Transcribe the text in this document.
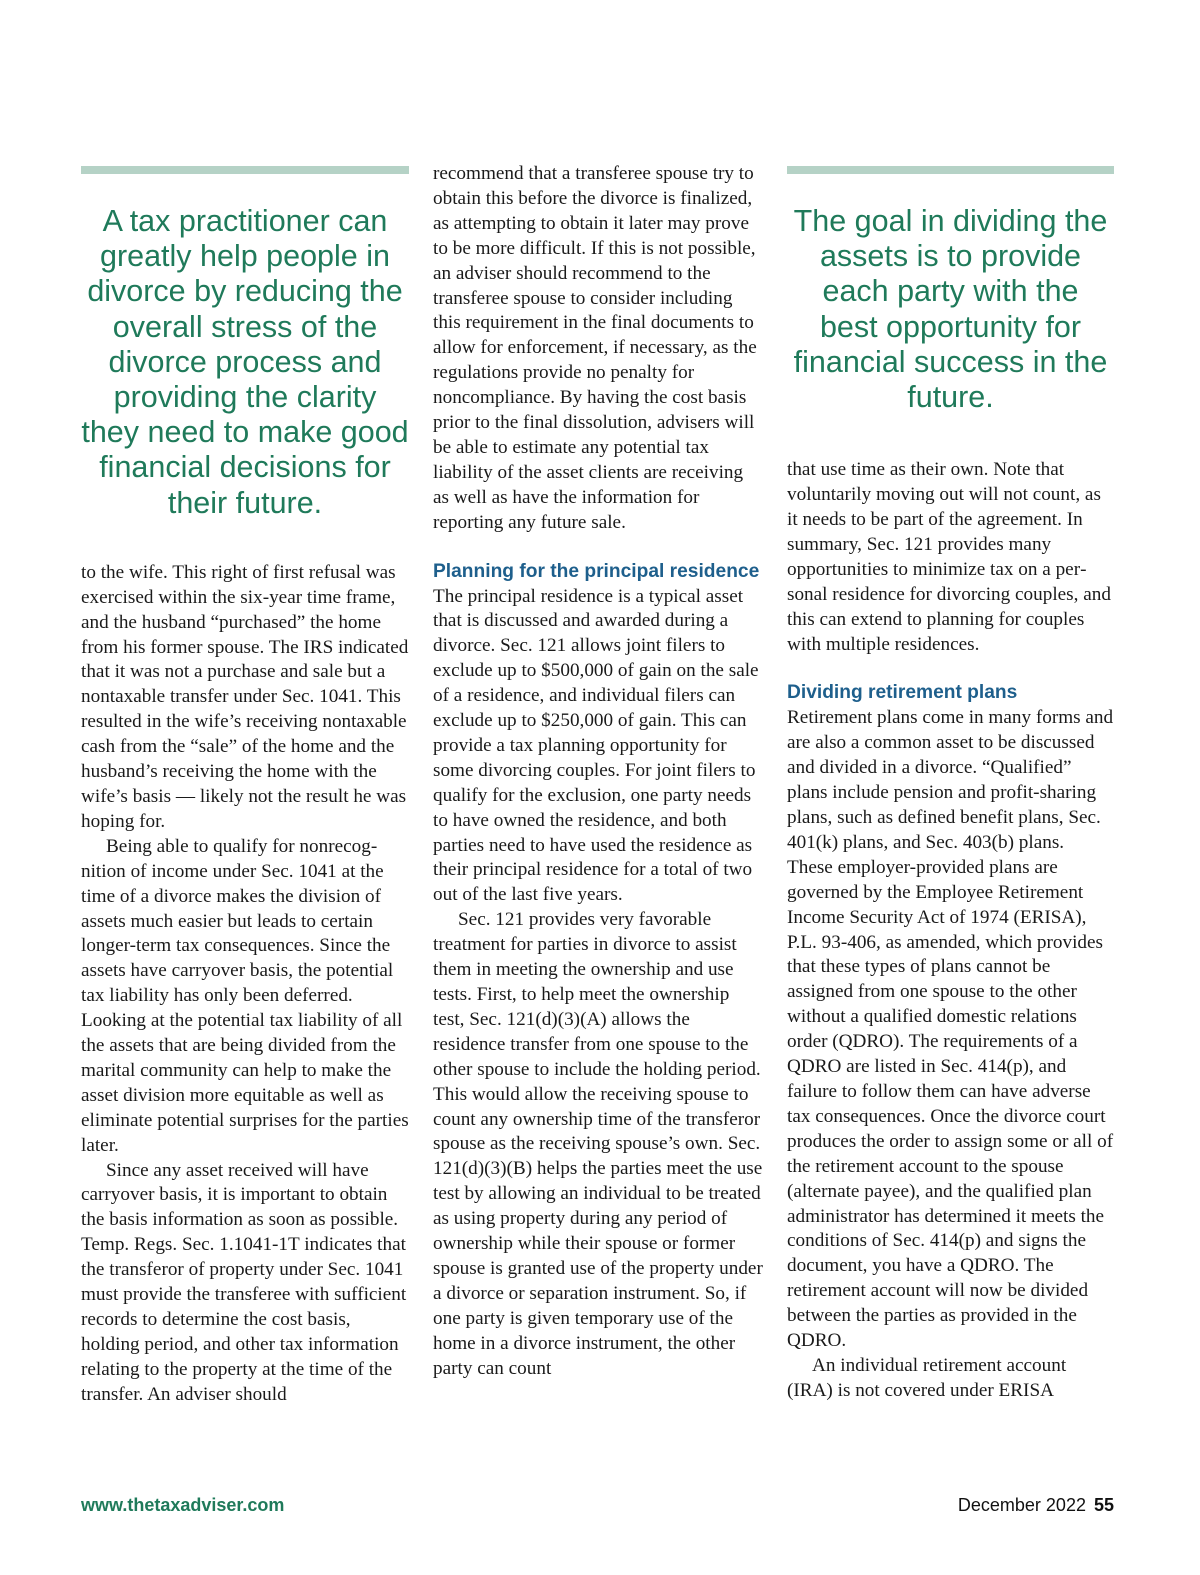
A tax practitioner can greatly help people in divorce by reducing the overall stress of the divorce process and providing the clarity they need to make good financial decisions for their future.

to the wife. This right of first refusal was exercised within the six-year time frame, and the husband “purchased” the home from his former spouse. The IRS indicated that it was not a purchase and sale but a nontaxable transfer under Sec. 1041. This resulted in the wife’s receiving nontaxable cash from the “sale” of the home and the husband’s receiving the home with the wife’s basis — likely not the result he was hoping for.

Being able to qualify for nonrecognition of income under Sec. 1041 at the time of a divorce makes the division of assets much easier but leads to certain longer-term tax consequences. Since the assets have carryover basis, the potential tax liability has only been deferred. Looking at the potential tax liability of all the assets that are being divided from the marital community can help to make the asset division more equitable as well as eliminate potential surprises for the parties later.

Since any asset received will have carryover basis, it is important to obtain the basis information as soon as possible. Temp. Regs. Sec. 1.1041-1T indicates that the transferor of property under Sec. 1041 must provide the transferee with sufficient records to determine the cost basis, holding period, and other tax information relating to the property at the time of the transfer. An adviser should

recommend that a transferee spouse try to obtain this before the divorce is finalized, as attempting to obtain it later may prove to be more difficult. If this is not possible, an adviser should recommend to the transferee spouse to consider including this requirement in the final documents to allow for enforcement, if necessary, as the regulations provide no penalty for noncompliance. By having the cost basis prior to the final dissolution, advisers will be able to estimate any potential tax liability of the asset clients are receiving as well as have the information for reporting any future sale.

Planning for the principal residence

The principal residence is a typical asset that is discussed and awarded during a divorce. Sec. 121 allows joint filers to exclude up to $500,000 of gain on the sale of a residence, and individual filers can exclude up to $250,000 of gain. This can provide a tax planning opportunity for some divorcing couples. For joint filers to qualify for the exclusion, one party needs to have owned the residence, and both parties need to have used the residence as their principal residence for a total of two out of the last five years.

Sec. 121 provides very favorable treatment for parties in divorce to assist them in meeting the ownership and use tests. First, to help meet the ownership test, Sec. 121(d)(3)(A) allows the residence transfer from one spouse to the other spouse to include the holding period. This would allow the receiving spouse to count any ownership time of the transferor spouse as the receiving spouse’s own. Sec. 121(d)(3)(B) helps the parties meet the use test by allowing an individual to be treated as using property during any period of ownership while their spouse or former spouse is granted use of the property under a divorce or separation instrument. So, if one party is given temporary use of the home in a divorce instrument, the other party can count

The goal in dividing the assets is to provide each party with the best opportunity for financial success in the future.

that use time as their own. Note that voluntarily moving out will not count, as it needs to be part of the agreement. In summary, Sec. 121 provides many opportunities to minimize tax on a personal residence for divorcing couples, and this can extend to planning for couples with multiple residences.

Dividing retirement plans

Retirement plans come in many forms and are also a common asset to be discussed and divided in a divorce. “Qualified” plans include pension and profit-sharing plans, such as defined benefit plans, Sec. 401(k) plans, and Sec. 403(b) plans. These employer-provided plans are governed by the Employee Retirement Income Security Act of 1974 (ERISA), P.L. 93-406, as amended, which provides that these types of plans cannot be assigned from one spouse to the other without a qualified domestic relations order (QDRO). The requirements of a QDRO are listed in Sec. 414(p), and failure to follow them can have adverse tax consequences. Once the divorce court produces the order to assign some or all of the retirement account to the spouse (alternate payee), and the qualified plan administrator has determined it meets the conditions of Sec. 414(p) and signs the document, you have a QDRO. The retirement account will now be divided between the parties as provided in the QDRO.

An individual retirement account (IRA) is not covered under ERISA

www.thetaxadviser.com	December 2022 55
